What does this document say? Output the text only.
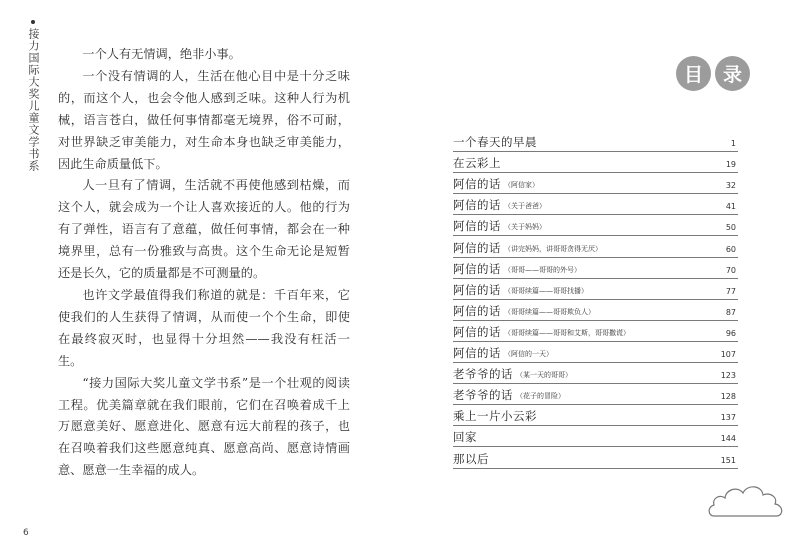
接力国际大奖儿童文学书系	一个人有无情调，绝非小事。

一个没有情调的人，生活在他心目中是十分乏味的，而这个人，也会令他人感到乏味。这种人行为机械，语言苍白，做任何事情都毫无境界，俗不可耐，对世界缺乏审美能力，对生命本身也缺乏审美能力，因此生命质量低下。

人一旦有了情调，生活就不再使他感到枯燥，而这个人，就会成为一个让人喜欢接近的人。他的行为有了弹性，语言有了意蕴，做任何事情，都会在一种境界里，总有一份雅致与高贵。这个生命无论是短暂还是长久，它的质量都是不可测量的。

也许文学最值得我们称道的就是：千百年来，它使我们的人生获得了情调，从而使一个个生命，即使在最终寂灭时，也显得十分坦然——我没有枉活一生。

“接力国际大奖儿童文学书系”是一个壮观的阅读工程。优美篇章就在我们眼前，它们在召唤着成千上万愿意美好、愿意进化、愿意有远大前程的孩子，也在召唤着我们这些愿意纯真、愿意高尚、愿意诗情画意、愿意一生幸福的成人。

6
目	录
一个春天的早晨	1
在云彩上	19
阿信的话 （阿信家）	32
阿信的话 （关于爸爸）	41
阿信的话 （关于妈妈）	50
阿信的话 （讲完妈妈，讲哥哥贪得无厌）	60
阿信的话 （哥哥——哥哥的外号）	70
阿信的话 （哥哥续篇——哥哥找播）	77
阿信的话 （哥哥续篇——哥哥欺负人）	87
阿信的话 （哥哥续篇——哥哥和艾斯，哥哥撒谎）	96
阿信的话 （阿信的一天）	107
老爷爷的话 （某一天的哥哥）	123
老爷爷的话 （花子的冒险）	128
乘上一片小云彩	137
回家	144
那以后	151
